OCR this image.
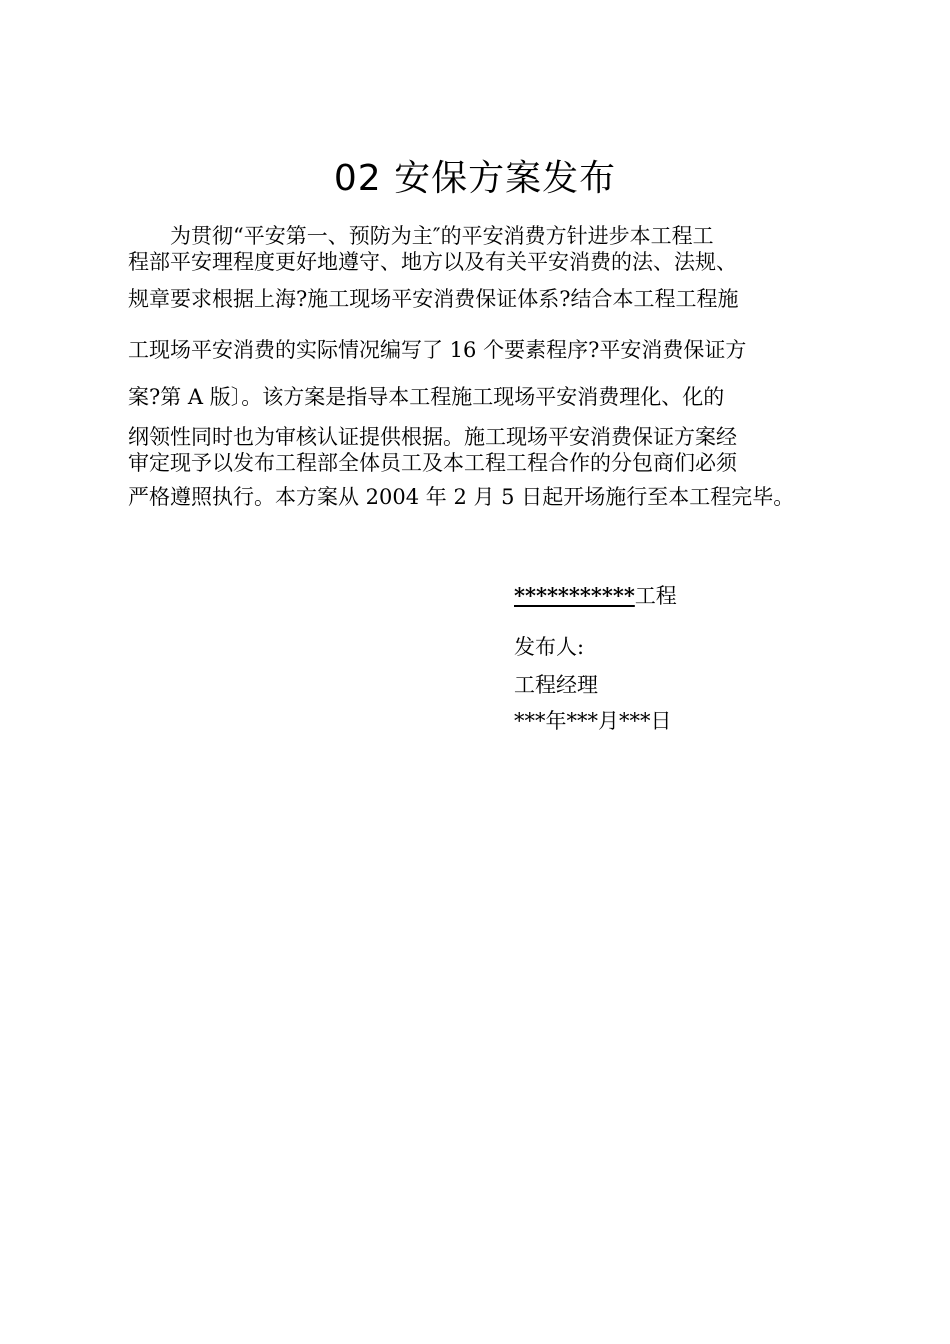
02 安保方案发布
为贯彻“平安第一、预防为主″的平安消费方针进步本工程工
程部平安理程度更好地遵守、地方以及有关平安消费的法、法规、
规章要求根据上海?施工现场平安消费保证体系?结合本工程工程施
工现场平安消费的实际情况编写了 16 个要素程序?平安消费保证方
案?第 A 版〕。该方案是指导本工程施工现场平安消费理化、化的
纲领性同时也为审核认证提供根据。施工现场平安消费保证方案经
审定现予以发布工程部全体员工及本工程工程合作的分包商们必须
严格遵照执行。本方案从 2004 年 2 月 5 日起开场施行至本工程完毕。
***********工程
发布人:
工程经理
***年***月***日
